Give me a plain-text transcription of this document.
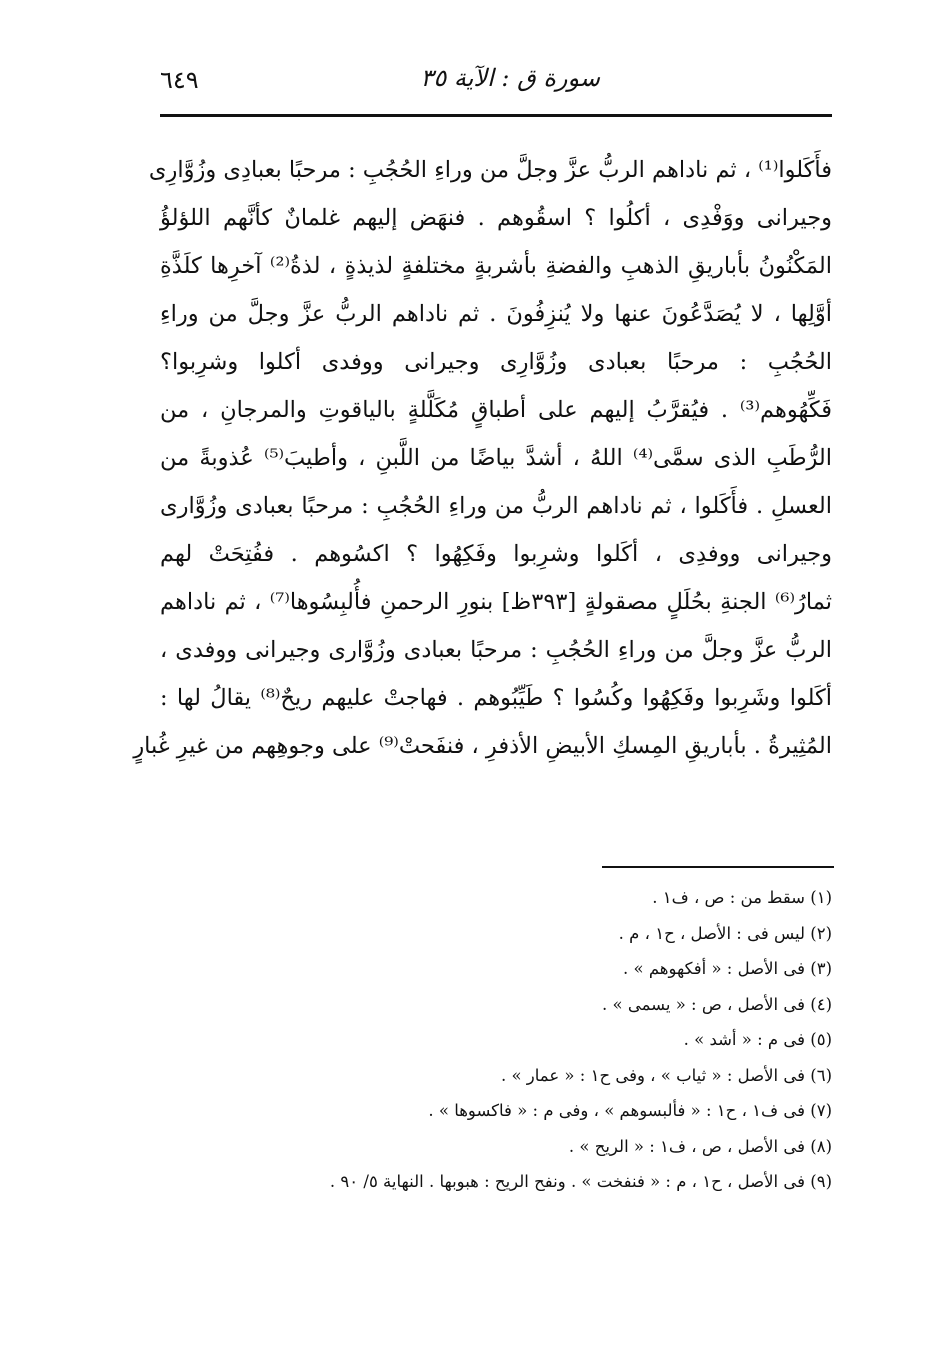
٦٤٩	سورة ق : الآية ٣٥
فأَكَلوا⁽¹⁾ ، ثم ناداهم الربُّ عزَّ وجلَّ من وراءِ الحُجُبِ : مرحبًا بعبادِى وزُوَّارِى
وجيرانى ووَفْدِى ، أكلُوا ؟ اسقُوهم . فنهَض إليهم غلمانٌ كأنَّهم اللؤلؤُ
المَكْنُونُ بأباريقِ الذهبِ والفضةِ بأشربةٍ مختلفةٍ لذيذةٍ ، لذةُ⁽²⁾ آخرِها كلَذَّةِ
أوَّلِها ، لا يُصَدَّعُونَ عنها ولا يُنزِفُونَ . ثم ناداهم الربُّ عزَّ وجلَّ من وراءِ
الحُجُبِ : مرحبًا بعبادى وزُوَّارِى وجيرانى ووفدى أكلوا وشرِبوا؟
فَكِّهُوهم⁽³⁾ . فيُقرَّبُ إليهم على أطباقٍ مُكَلَّلةٍ بالياقوتِ والمرجانِ ، من
الرُّطَبِ الذى سمَّى⁽⁴⁾ اللهُ ، أشدَّ بياضًا من اللَّبنِ ، وأطيبَ⁽⁵⁾ عُذوبةً من
العسلِ . فأَكَلوا ، ثم ناداهم الربُّ من وراءِ الحُجُبِ : مرحبًا بعبادى وزُوَّارى
وجيرانى ووفدِى ، أكَلوا وشرِبوا وفَكِهُوا ؟ اكسُوهم . ففُتِحَتْ لهم
ثمارُ⁽⁶⁾ الجنةِ بحُلَلٍ مصقولةٍ [٣٩٣ظ] بنورِ الرحمنِ فأُلبِسُوها⁽⁷⁾ ، ثم ناداهم
الربُّ عزَّ وجلَّ من وراءِ الحُجُبِ : مرحبًا بعبادى وزُوَّارى وجيرانى ووفدى ،
أكَلوا وشَرِبوا وفَكِهُوا وكُسُوا ؟ طَيِّبُوهم . فهاجتْ عليهم ريحٌ⁽⁸⁾ يقالُ لها :
المُثِيرةُ . بأباريقِ المِسكِ الأبيضِ الأذفرِ ، فنفَحتْ⁽⁹⁾ على وجوهِهم من غيرِ غُبارٍ
(١) سقط من : ص ، ف١ .
(٢) ليس فى : الأصل ، ح١ ، م .
(٣) فى الأصل : « أفكهوهم » .
(٤) فى الأصل ، ص : « يسمى » .
(٥) فى م : « أشد » .
(٦) فى الأصل : « ثياب » ، وفى ح١ : « عمار » .
(٧) فى ف١ ، ح١ : « فألبسوهم » ، وفى م : « فاكسوها » .
(٨) فى الأصل ، ص ، ف١ : « الريح » .
(٩) فى الأصل ، ح١ ، م : « فنفخت » . ونفح الريح : هبوبها . النهاية ٥/ ٩٠ .
